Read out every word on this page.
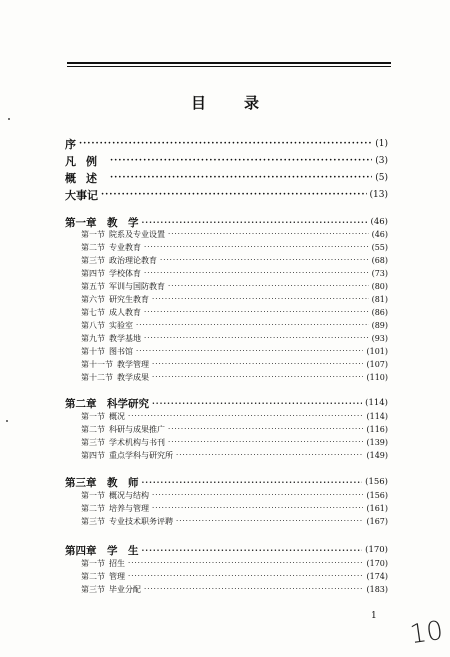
目录
序 ·····	(1)
凡例 ·····	(3)
概述 ·····	(5)
大事记 ·····	(13)
第一章　教　学 ·····	(46)
第一节 院系及专业设置 ·····	(46)
第二节 专业教育 ·····	(55)
第三节 政治理论教育 ·····	(68)
第四节 学校体育 ·····	(73)
第五节 军训与国防教育 ·····	(80)
第六节 研究生教育 ·····	(81)
第七节 成人教育 ·····	(86)
第八节 实验室 ·····	(89)
第九节 教学基地 ·····	(93)
第十节 图书馆 ·····	(101)
第十一节 教学管理 ·····	(107)
第十二节 教学成果 ·····	(110)
第二章　科学研究 ·····	(114)
第一节 概况 ·····	(114)
第二节 科研与成果推广 ·····	(116)
第三节 学术机构与书刊 ·····	(139)
第四节 重点学科与研究所 ·····	(149)
第三章　教　师 ·····	(156)
第一节 概况与结构 ·····	(156)
第二节 培养与管理 ·····	(161)
第三节 专业技术职务评聘 ·····	(167)
第四章　学　生 ·····	(170)
第一节 招生 ·····	(170)
第二节 管理 ·····	(174)
第三节 毕业分配 ·····	(183)
1 10
